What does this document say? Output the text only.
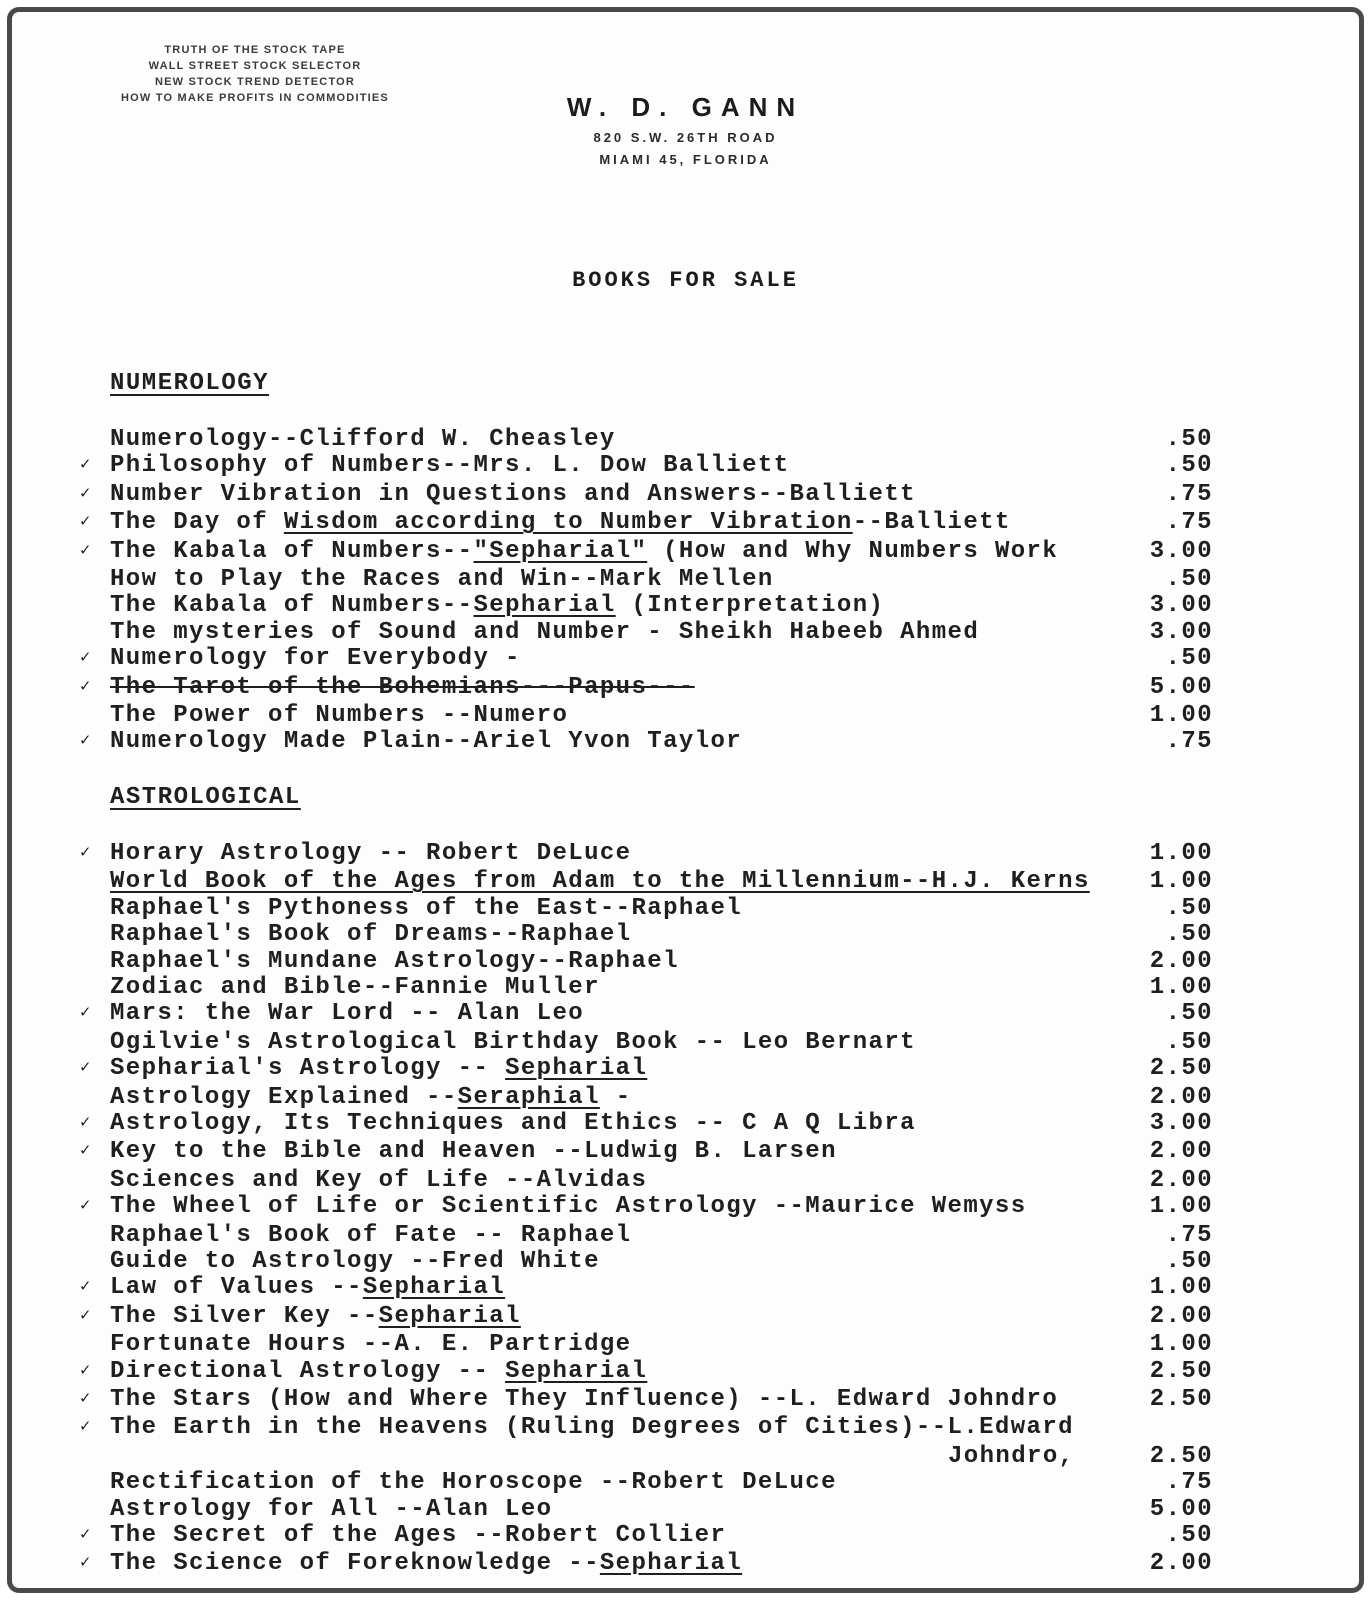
TRUTH OF THE STOCK TAPE
WALL STREET STOCK SELECTOR
NEW STOCK TREND DETECTOR
HOW TO MAKE PROFITS IN COMMODITIES	W. D. GANN
820 S.W. 26TH ROAD
MIAMI 45, FLORIDA
BOOKS FOR SALE
NUMEROLOGY
Numerology--Clifford W. Cheasley	.50
✓ Philosophy of Numbers--Mrs. L. Dow Balliett	.50
✓ Number Vibration in Questions and Answers--Balliett	.75
✓ The Day of Wisdom according to Number Vibration--Balliett	.75
✓ The Kabala of Numbers--"Sepharial" (How and Why Numbers Work	3.00
How to Play the Races and Win--Mark Mellen	.50
The Kabala of Numbers--Sepharial (Interpretation)	3.00
The mysteries of Sound and Number - Sheikh Habeeb Ahmed	3.00
✓ Numerology for Everybody -	.50
✓ The Tarot of the Bohemians---Papus---	5.00
The Power of Numbers --Numero	1.00
✓ Numerology Made Plain--Ariel Yvon Taylor	.75
ASTROLOGICAL
✓ Horary Astrology -- Robert DeLuce	1.00
World Book of the Ages from Adam to the Millennium--H.J. Kerns	1.00
Raphael's Pythoness of the East--Raphael	.50
Raphael's Book of Dreams--Raphael	.50
Raphael's Mundane Astrology--Raphael	2.00
Zodiac and Bible--Fannie Muller	1.00
✓ Mars: the War Lord -- Alan Leo	.50
Ogilvie's Astrological Birthday Book -- Leo Bernart	.50
✓ Sepharial's Astrology -- Sepharial	2.50
Astrology Explained --Seraphial -	2.00
✓ Astrology, Its Techniques and Ethics -- C A Q Libra	3.00
✓ Key to the Bible and Heaven --Ludwig B. Larsen	2.00
Sciences and Key of Life --Alvidas	2.00
✓ The Wheel of Life or Scientific Astrology --Maurice Wemyss	1.00
Raphael's Book of Fate -- Raphael	.75
Guide to Astrology --Fred White	.50
✓ Law of Values --Sepharial	1.00
✓ The Silver Key --Sepharial	2.00
Fortunate Hours --A. E. Partridge	1.00
✓ Directional Astrology -- Sepharial	2.50
✓ The Stars (How and Where They Influence) --L. Edward Johndro	2.50
✓ The Earth in the Heavens (Ruling Degrees of Cities)--L.Edward
Johndro,	2.50
Rectification of the Horoscope --Robert DeLuce	.75
Astrology for All --Alan Leo	5.00
✓ The Secret of the Ages --Robert Collier	.50
✓ The Science of Foreknowledge --Sepharial	2.00
